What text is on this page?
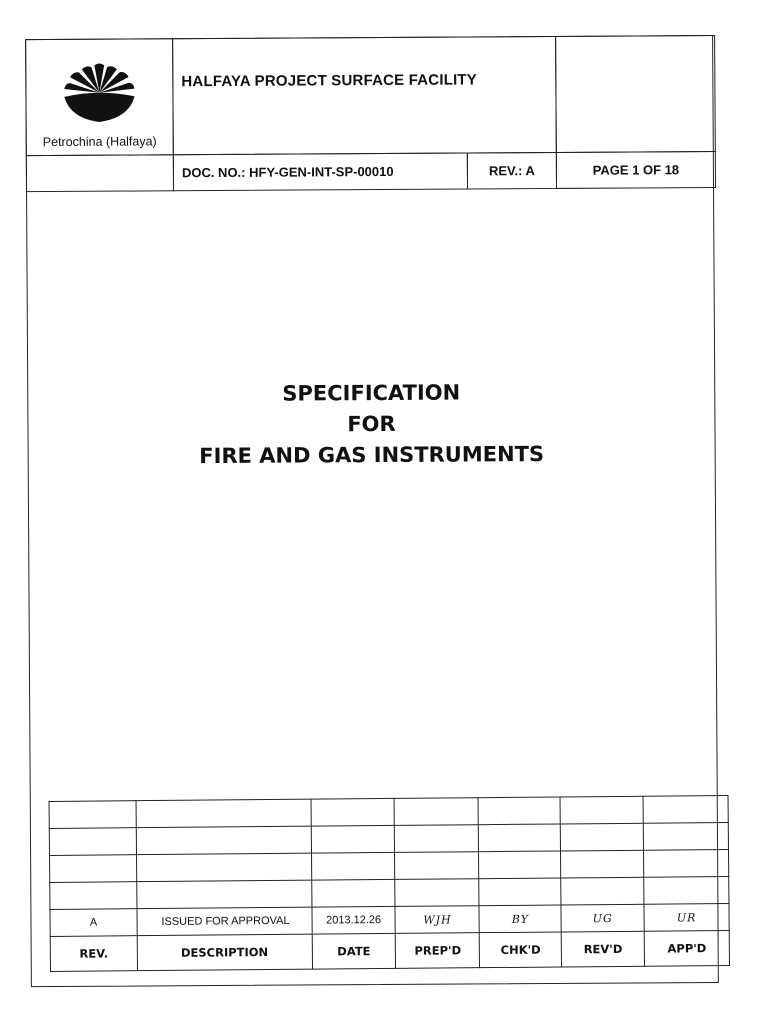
Petrochina (Halfaya)
HALFAYA PROJECT SURFACE FACILITY
DOC. NO.: HFY-GEN-INT-SP-00010	REV.: A	PAGE 1 OF 18
SPECIFICATION
FOR
FIRE AND GAS INSTRUMENTS

A	ISSUED FOR APPROVAL	2013.12.26	WJH	BY	UG	UR
REV.	DESCRIPTION	DATE	PREP'D	CHK'D	REV'D	APP'D
